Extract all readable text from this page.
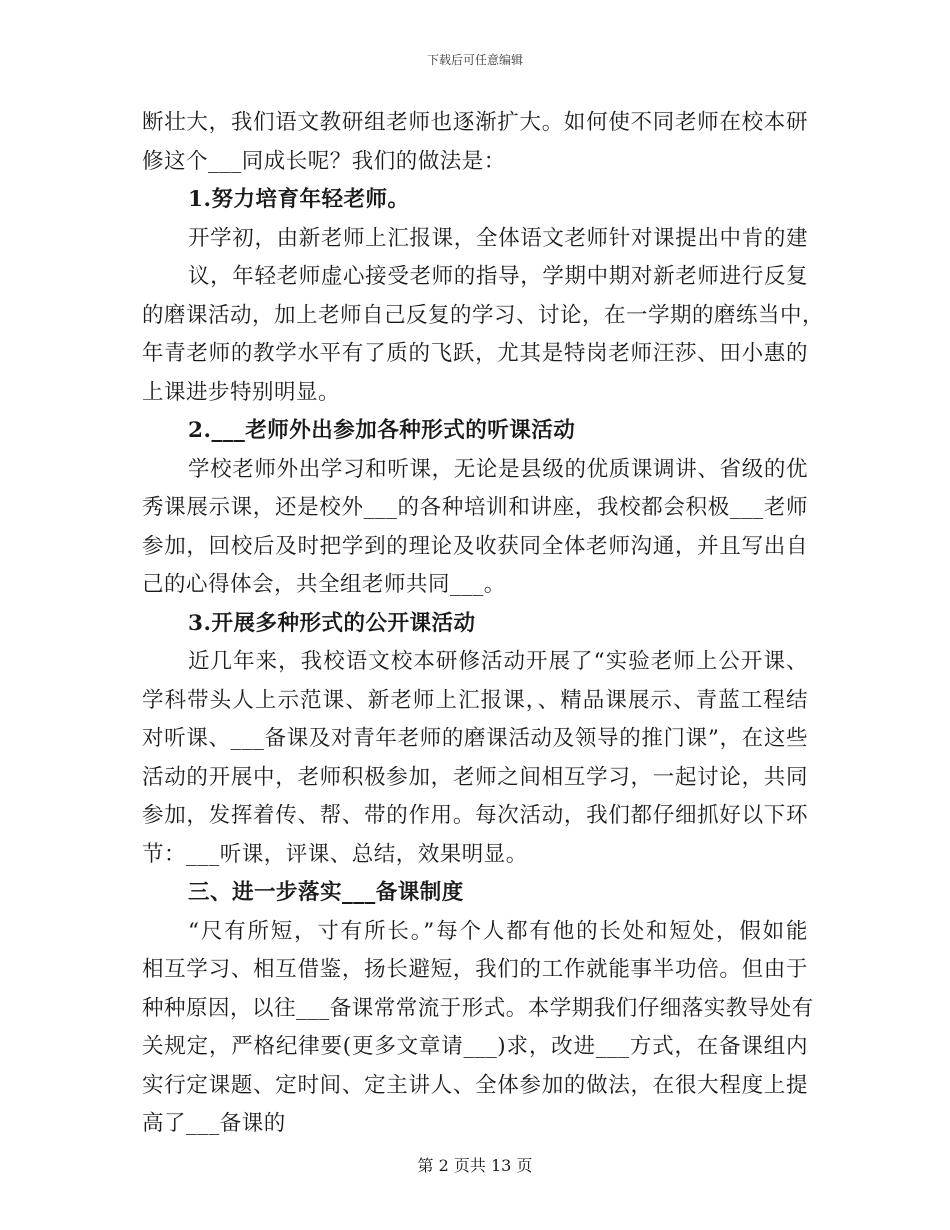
下载后可任意编辑
断壮大，我们语文教研组老师也逐渐扩大。如何使不同老师在校本研
修这个___同成长呢？我们的做法是：
1.努力培育年轻老师。
开学初，由新老师上汇报课，全体语文老师针对课提出中肯的建
议，年轻老师虚心接受老师的指导，学期中期对新老师进行反复
的磨课活动，加上老师自己反复的学习、讨论，在一学期的磨练当中，
年青老师的教学水平有了质的飞跃，尤其是特岗老师汪莎、田小惠的
上课进步特别明显。
2.___老师外出参加各种形式的听课活动
学校老师外出学习和听课，无论是县级的优质课调讲、省级的优
秀课展示课，还是校外___的各种培训和讲座，我校都会积极___老师
参加，回校后及时把学到的理论及收获同全体老师沟通，并且写出自
己的心得体会，共全组老师共同___。
3.开展多种形式的公开课活动
近几年来，我校语文校本研修活动开展了“实验老师上公开课、
学科带头人上示范课、新老师上汇报课，、精品课展示、青蓝工程结
对听课、___备课及对青年老师的磨课活动及领导的推门课”，在这些
活动的开展中，老师积极参加，老师之间相互学习，一起讨论，共同
参加，发挥着传、帮、带的作用。每次活动，我们都仔细抓好以下环
节：___听课，评课、总结，效果明显。
三、进一步落实___备课制度
“尺有所短，寸有所长。”每个人都有他的长处和短处，假如能
相互学习、相互借鉴，扬长避短，我们的工作就能事半功倍。但由于
种种原因，以往___备课常常流于形式。本学期我们仔细落实教导处有
关规定，严格纪律要(更多文章请___)求，改进___方式，在备课组内
实行定课题、定时间、定主讲人、全体参加的做法，在很大程度上提
高了___备课的
第 2 页共 13 页
